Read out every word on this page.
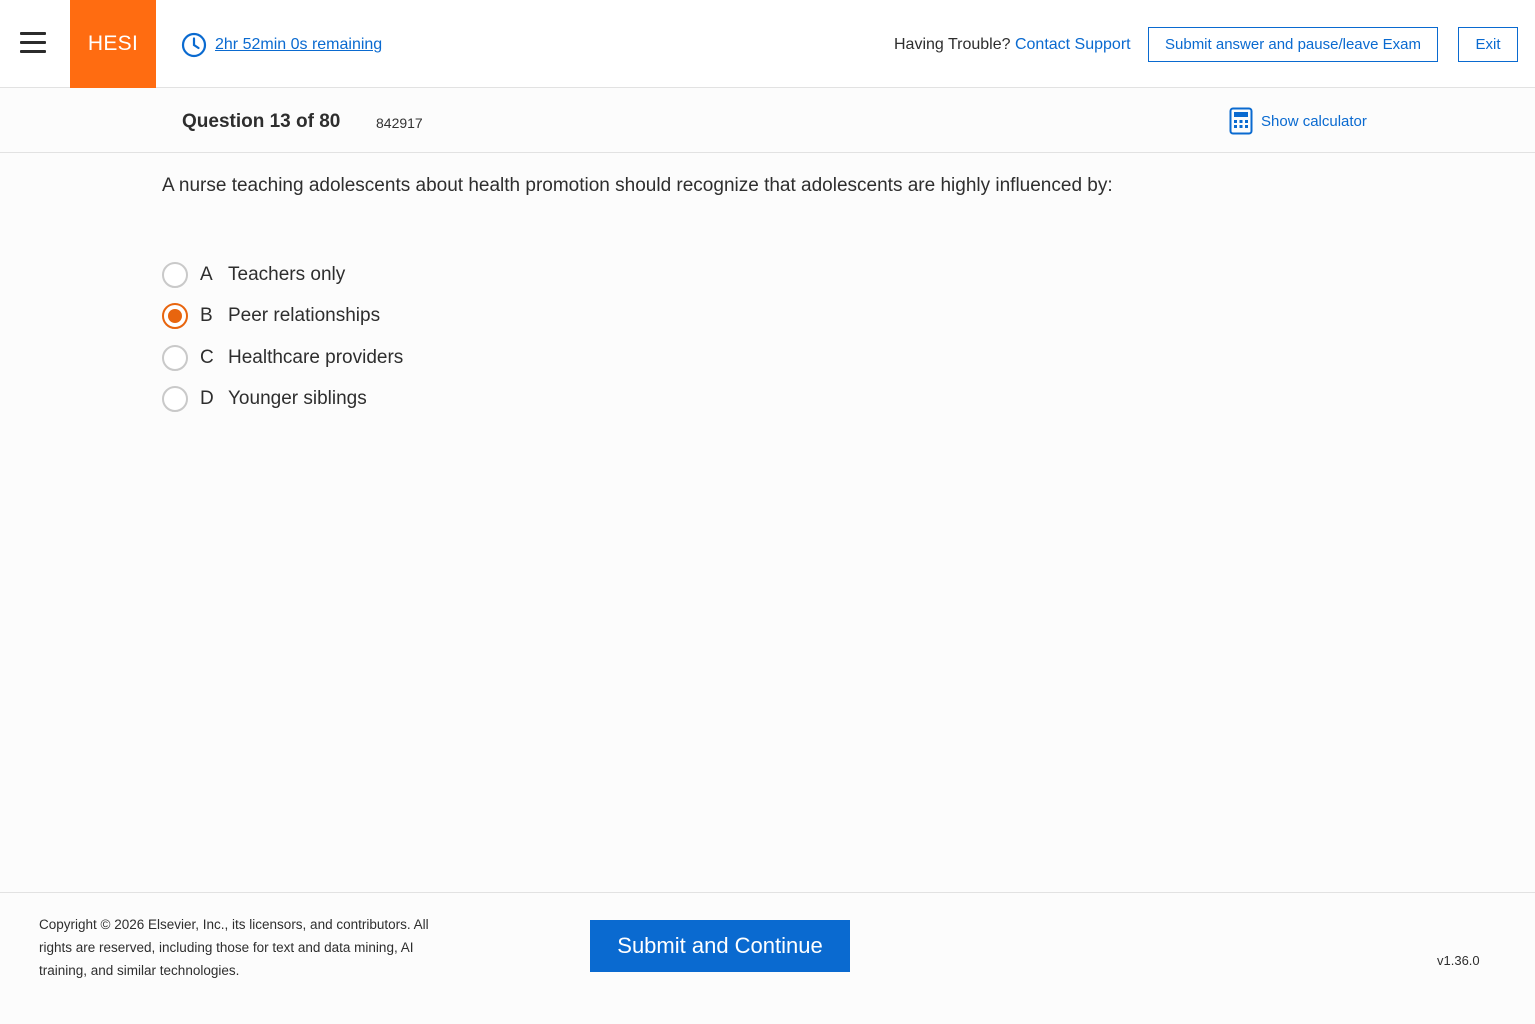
HESI	2hr 52min 0s remaining	Having Trouble? Contact Support	Submit answer and pause/leave Exam	Exit
Question 13 of 80	842917	Show calculator
A nurse teaching adolescents about health promotion should recognize that adolescents are highly influenced by:
A Teachers only
B Peer relationships
C Healthcare providers
D Younger siblings
Copyright © 2026 Elsevier, Inc., its licensors, and contributors. All rights are reserved, including those for text and data mining, AI training, and similar technologies.
Submit and Continue
v1.36.0
